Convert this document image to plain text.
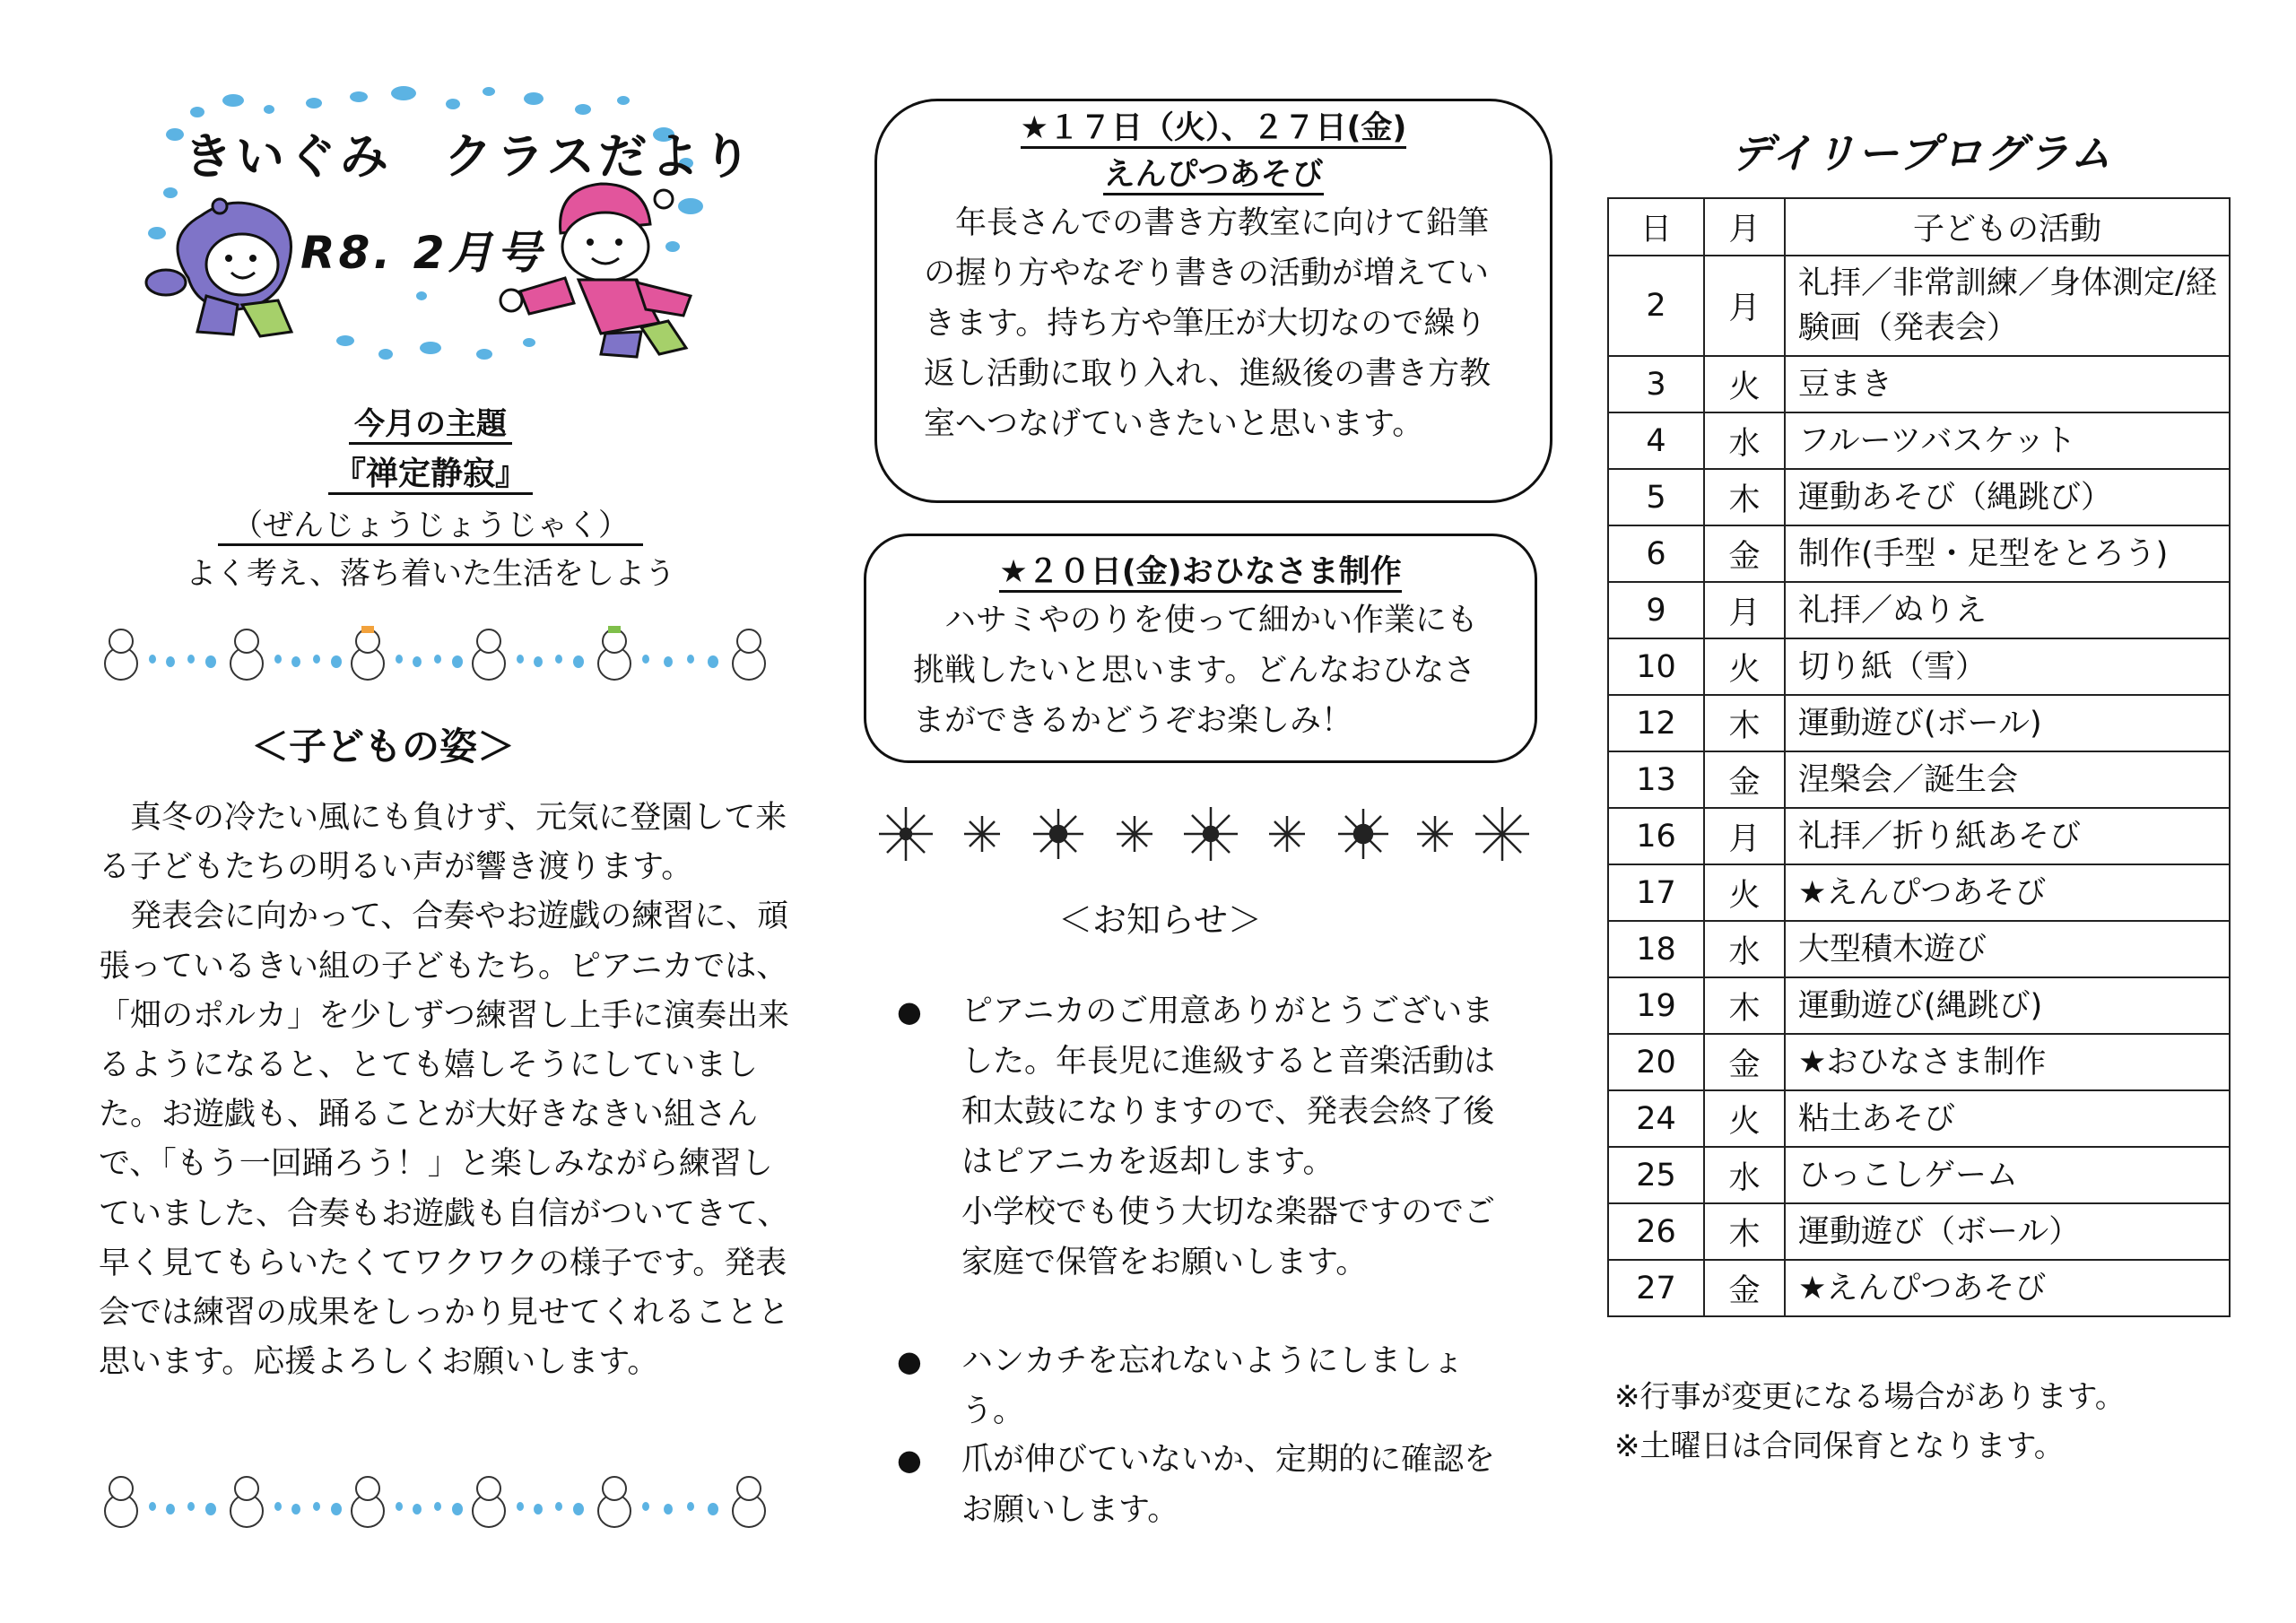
きいぐみ　クラスだより
R8. 2月号
今月の主題
『禅定静寂』
（ぜんじょうじょうじゃく）
よく考え、落ち着いた生活をしよう
＜子どもの姿＞

　真冬の冷たい風にも負けず、元気に登園して来る子どもたちの明るい声が響き渡ります。

　発表会に向かって、合奏やお遊戯の練習に、頑張っているきい組の子どもたち。ピアニカでは、「畑のポルカ」を少しずつ練習し上手に演奏出来るようになると、とても嬉しそうにしていました。お遊戯も、踊ることが大好きなきい組さんで、「もう一回踊ろう！」と楽しみながら練習していました、合奏もお遊戯も自信がついてきて、早く見てもらいたくてワクワクの様子です。発表会では練習の成果をしっかり見せてくれることと思います。応援よろしくお願いします。

★１７日（火）、２７日(金)
えんぴつあそび
　年長さんでの書き方教室に向けて鉛筆の握り方やなぞり書きの活動が増えていきます。持ち方や筆圧が大切なので繰り返し活動に取り入れ、進級後の書き方教室へつなげていきたいと思います。
★２０日(金)おひなさま制作
　ハサミやのりを使って細かい作業にも挑戦したいと思います。どんなおひなさまができるかどうぞお楽しみ！
＜お知らせ＞
● ピアニカのご用意ありがとうございました。年長児に進級すると音楽活動は和太鼓になりますので、発表会終了後はピアニカを返却します。
小学校でも使う大切な楽器ですのでご家庭で保管をお願いします。
● ハンカチを忘れないようにしましょう。
● 爪が伸びていないか、定期的に確認をお願いします。
デイリープログラム
日	月	子どもの活動
2	月	礼拝／非常訓練／身体測定/経験画（発表会）
3	火	豆まき
4	水	フルーツバスケット
5	木	運動あそび（縄跳び）
6	金	制作(手型・足型をとろう)
9	月	礼拝／ぬりえ
10	火	切り紙（雪）
12	木	運動遊び(ボール)
13	金	涅槃会／誕生会
16	月	礼拝／折り紙あそび
17	火	★えんぴつあそび
18	水	大型積木遊び
19	木	運動遊び(縄跳び)
20	金	★おひなさま制作
24	火	粘土あそび
25	水	ひっこしゲーム
26	木	運動遊び（ボール）
27	金	★えんぴつあそび
※行事が変更になる場合があります。
※土曜日は合同保育となります。
